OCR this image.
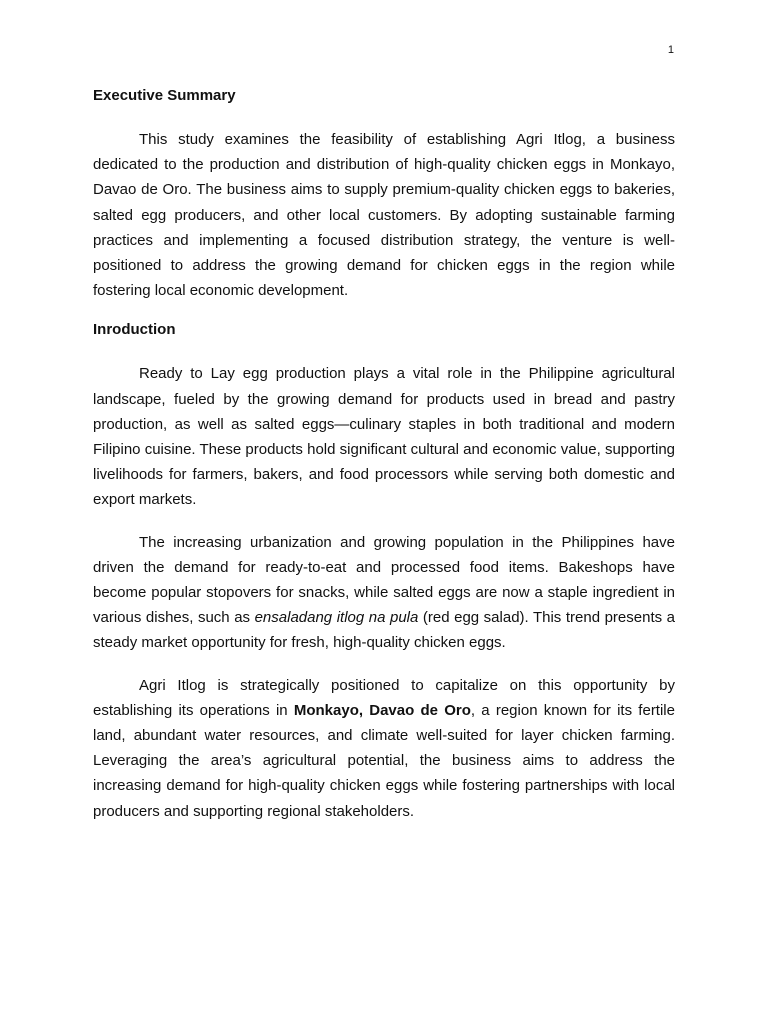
1

Executive Summary

This study examines the feasibility of establishing Agri Itlog, a business dedicated to the production and distribution of high-quality chicken eggs in Monkayo, Davao de Oro. The business aims to supply premium-quality chicken eggs to bakeries, salted egg producers, and other local customers. By adopting sustainable farming practices and implementing a focused distribution strategy, the venture is well-positioned to address the growing demand for chicken eggs in the region while fostering local economic development.

Inroduction

Ready to Lay egg production plays a vital role in the Philippine agricultural landscape, fueled by the growing demand for products used in bread and pastry production, as well as salted eggs—culinary staples in both traditional and modern Filipino cuisine. These products hold significant cultural and economic value, supporting livelihoods for farmers, bakers, and food processors while serving both domestic and export markets.

The increasing urbanization and growing population in the Philippines have driven the demand for ready-to-eat and processed food items. Bakeshops have become popular stopovers for snacks, while salted eggs are now a staple ingredient in various dishes, such as ensaladang itlog na pula (red egg salad). This trend presents a steady market opportunity for fresh, high-quality chicken eggs.

Agri Itlog is strategically positioned to capitalize on this opportunity by establishing its operations in Monkayo, Davao de Oro, a region known for its fertile land, abundant water resources, and climate well-suited for layer chicken farming. Leveraging the area’s agricultural potential, the business aims to address the increasing demand for high-quality chicken eggs while fostering partnerships with local producers and supporting regional stakeholders.
